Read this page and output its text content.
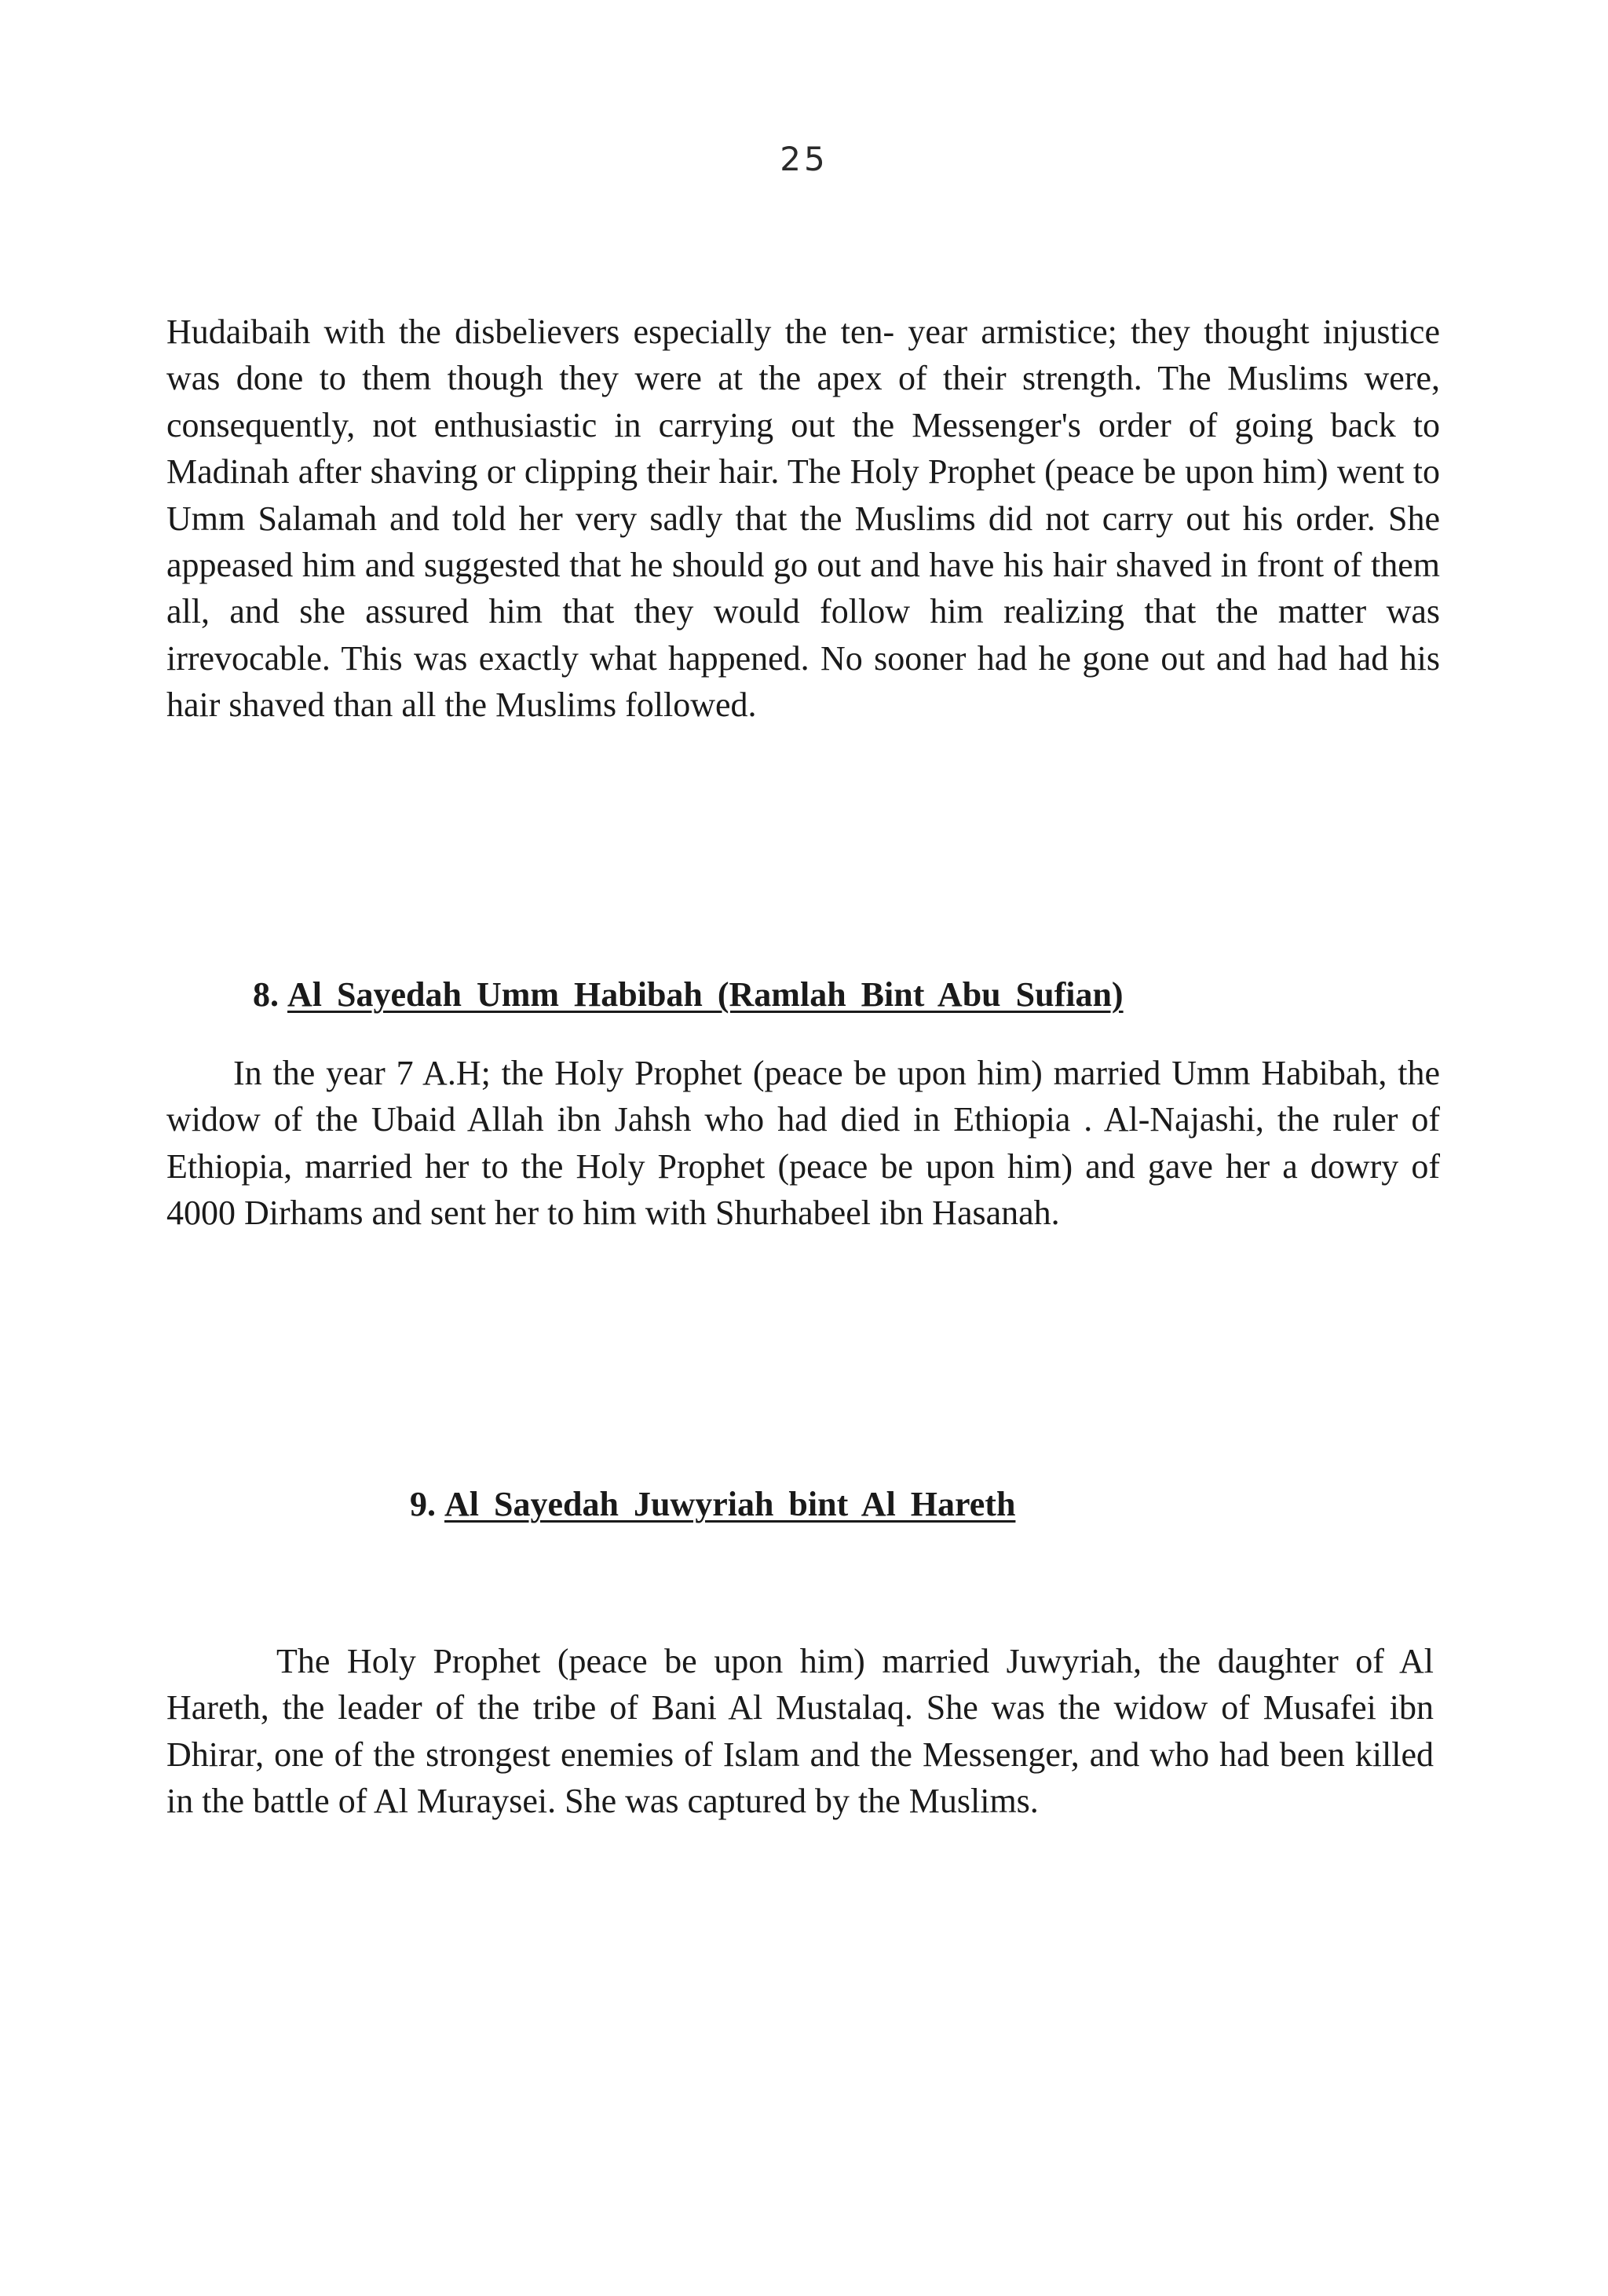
25

Hudaibaih with the disbelievers especially the ten- year armistice; they thought injustice was done to them though they were at the apex of their strength. The Muslims were, consequently, not enthusiastic in carrying out the Messenger's order of going back to Madinah after shaving or clipping their hair. The Holy Prophet (peace be upon him) went to Umm Salamah and told her very sadly that the Muslims did not carry out his order. She appeased him and suggested that he should go out and have his hair shaved in front of them all, and she assured him that they would follow him realizing that the matter was irrevocable. This was exactly what happened. No sooner had he gone out and had had his hair shaved than all the Muslims followed.

8. Al Sayedah Umm Habibah (Ramlah Bint Abu Sufian)

In the year 7 A.H; the Holy Prophet (peace be upon him) married Umm Habibah, the widow of the Ubaid Allah ibn Jahsh who had died in Ethiopia . Al-Najashi, the ruler of Ethiopia, married her to the Holy Prophet (peace be upon him) and gave her a dowry of 4000 Dirhams and sent her to him with Shurhabeel ibn Hasanah.

9. Al Sayedah Juwyriah bint Al Hareth

The Holy Prophet (peace be upon him) married Juwyriah, the daughter of Al Hareth, the leader of the tribe of Bani Al Mustalaq. She was the widow of Musafei ibn Dhirar, one of the strongest enemies of Islam and the Messenger, and who had been killed in the battle of Al Muraysei. She was captured by the Muslims.
